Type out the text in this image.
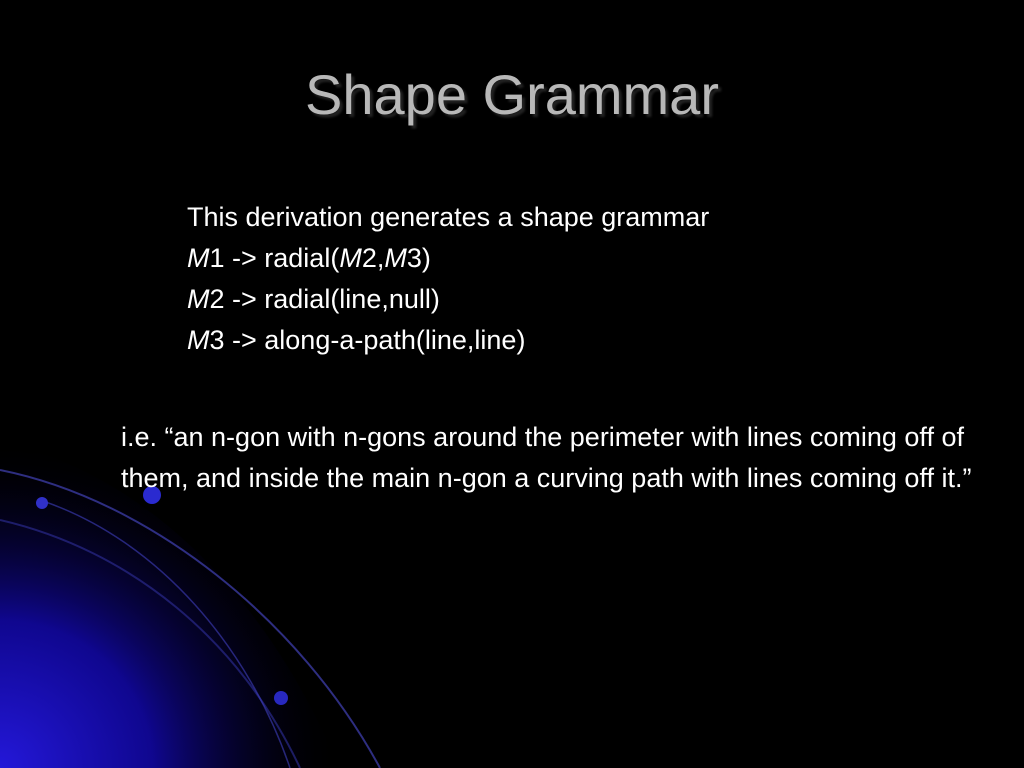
Shape Grammar
This derivation generates a shape grammar
M1 -> radial(M2,M3)
M2 -> radial(line,null)
M3 -> along-a-path(line,line)
i.e. “an n-gon with n-gons around the perimeter with lines coming off of them, and inside the main n-gon a curving path with lines coming off it.”
